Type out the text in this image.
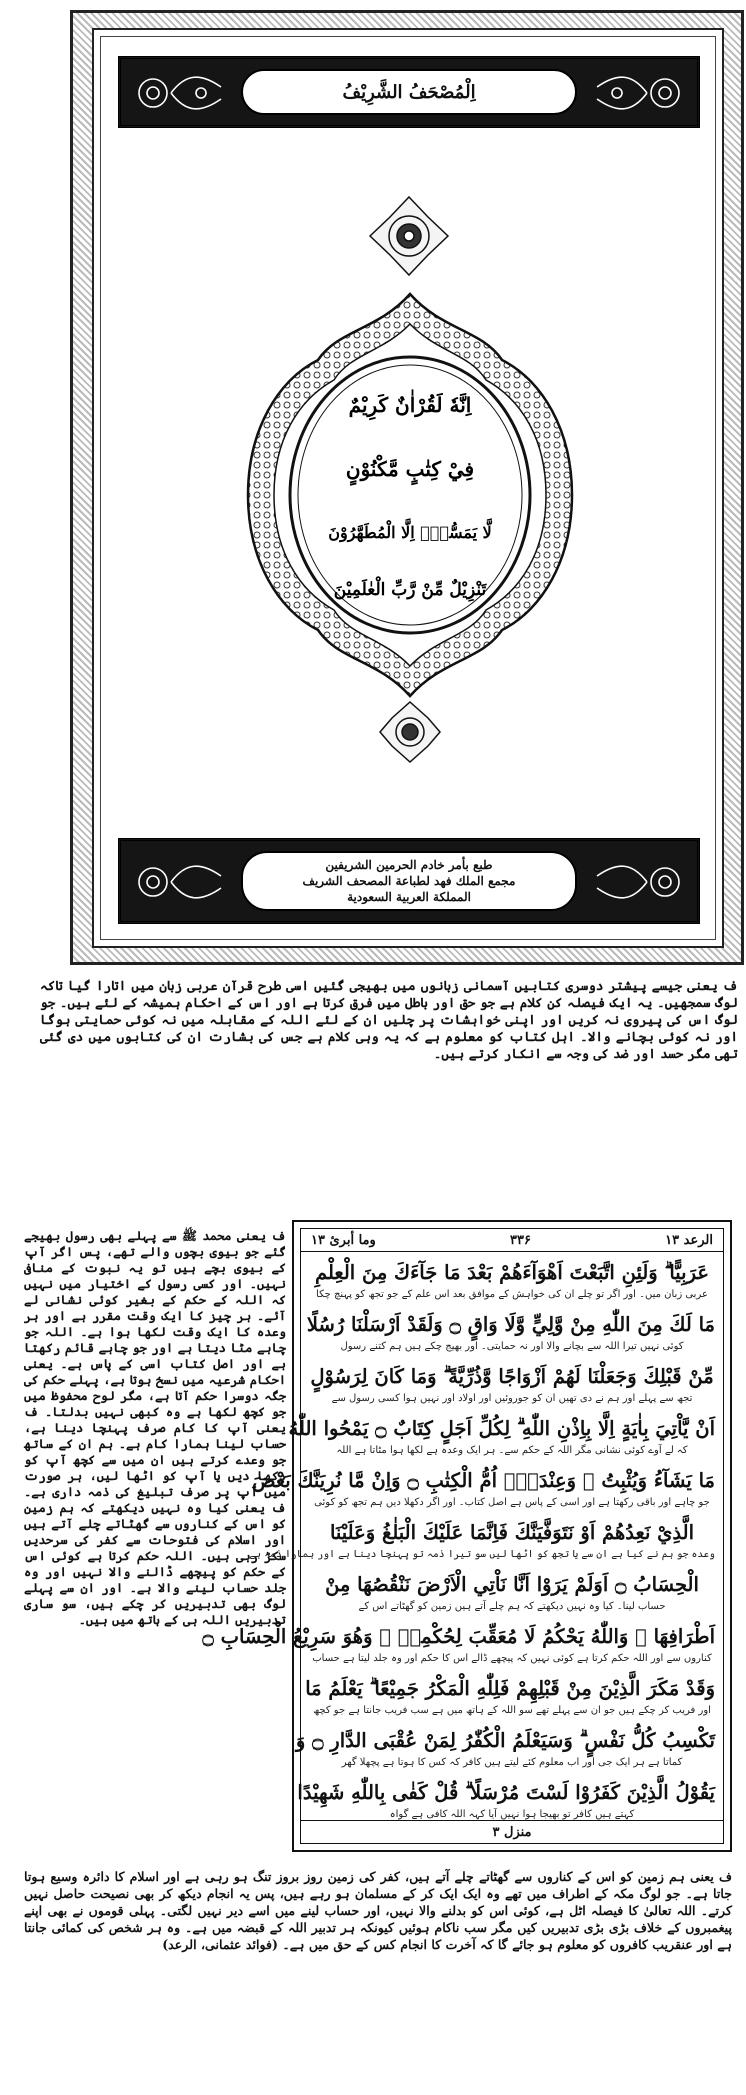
اِلْمُصْحَفُ الشَّرِيْفُ
اِنَّهٗ لَقُرْاٰنٌ كَرِيْمٌ
فِيْ كِتٰبٍ مَّكْنُوْنٍ
لَّا يَمَسُّهٗۤ اِلَّا الْمُطَهَّرُوْنَ
تَنْزِيْلٌ مِّنْ رَّبِّ الْعٰلَمِيْنَ
طبع بأمر خادم الحرمين الشريفين
مجمع الملك فهد لطباعة المصحف الشريف
المملكة العربية السعودية
ف یعنی جیسے پیشتر دوسری کتابیں آسمانی زبانوں میں بھیجی گئیں اسی طرح قرآن عربی زبان میں اتارا گیا تاکہ لوگ سمجھیں۔ یہ ایک فیصلہ کن کلام ہے جو حق اور باطل میں فرق کرتا ہے اور اس کے احکام ہمیشہ کے لئے ہیں۔ جو لوگ اس کی پیروی نہ کریں اور اپنی خواہشات پر چلیں ان کے لئے اللہ کے مقابلہ میں نہ کوئی حمایتی ہوگا اور نہ کوئی بچانے والا۔ اہل کتاب کو معلوم ہے کہ یہ وہی کلام ہے جس کی بشارت ان کی کتابوں میں دی گئی تھی مگر حسد اور ضد کی وجہ سے انکار کرتے ہیں۔
ف یعنی محمد ﷺ سے پہلے بھی رسول بھیجے گئے جو بیوی بچوں والے تھے، پس اگر آپ کے بیوی بچے ہیں تو یہ نبوت کے منافی نہیں۔ اور کسی رسول کے اختیار میں نہیں کہ اللہ کے حکم کے بغیر کوئی نشانی لے آئے۔ ہر چیز کا ایک وقت مقرر ہے اور ہر وعدہ کا ایک وقت لکھا ہوا ہے۔ اللہ جو چاہے مٹا دیتا ہے اور جو چاہے قائم رکھتا ہے اور اصل کتاب اسی کے پاس ہے۔ یعنی احکام شرعیہ میں نسخ ہوتا ہے، پہلے حکم کی جگہ دوسرا حکم آتا ہے، مگر لوح محفوظ میں جو کچھ لکھا ہے وہ کبھی نہیں بدلتا۔ ف یعنی آپ کا کام صرف پہنچا دینا ہے، حساب لینا ہمارا کام ہے۔ ہم ان کے ساتھ جو وعدے کرتے ہیں ان میں سے کچھ آپ کو دکھا دیں یا آپ کو اٹھا لیں، ہر صورت میں آپ پر صرف تبلیغ کی ذمہ داری ہے۔ ف یعنی کیا وہ نہیں دیکھتے کہ ہم زمین کو اس کے کناروں سے گھٹاتے چلے آتے ہیں اور اسلام کی فتوحات سے کفر کی سرحدیں سکڑ رہی ہیں۔ اللہ حکم کرتا ہے کوئی اس کے حکم کو پیچھے ڈالنے والا نہیں اور وہ جلد حساب لینے والا ہے۔ اور ان سے پہلے لوگ بھی تدبیریں کر چکے ہیں، سو ساری تدبیریں اللہ ہی کے ہاتھ میں ہیں۔
الرعد ۱۳
۳۳۶
وما أبرئ ۱۳
عَرَبِيًّا ۗ وَلَئِنِ اتَّبَعْتَ اَهْوَآءَهُمْ بَعْدَ مَا جَآءَكَ مِنَ الْعِلْمِ
عربی زبان میں۔ اور اگر تو چلے ان کی خواہش کے موافق بعد اس علم کے جو تجھ کو پہنچ چکا
مَا لَكَ مِنَ اللّٰهِ مِنْ وَّلِيٍّ وَّلَا وَاقٍ ۝ وَلَقَدْ اَرْسَلْنَا رُسُلًا
کوئی نہیں تیرا اللہ سے بچانے والا اور نہ حمایتی۔ اور بھیج چکے ہیں ہم کتنے رسول
مِّنْ قَبْلِكَ وَجَعَلْنَا لَهُمْ اَزْوَاجًا وَّذُرِّيَّةً ۗ وَمَا كَانَ لِرَسُوْلٍ
تجھ سے پہلے اور ہم نے دی تھیں ان کو جوروئیں اور اولاد اور نہیں ہوا کسی رسول سے
اَنْ يَّاْتِيَ بِاٰيَةٍ اِلَّا بِاِذْنِ اللّٰهِ ۗ لِكُلِّ اَجَلٍ كِتَابٌ ۝ يَمْحُوا اللّٰهُ
کہ لے آوے کوئی نشانی مگر اللہ کے حکم سے۔ ہر ایک وعدہ ہے لکھا ہوا مٹاتا ہے اللہ
مَا يَشَآءُ وَيُثْبِتُ ۚ وَعِنْدَهٗۤ اُمُّ الْكِتٰبِ ۝ وَاِنْ مَّا نُرِيَنَّكَ بَعْضَ
جو چاہے اور باقی رکھتا ہے اور اسی کے پاس ہے اصل کتاب۔ اور اگر دکھلا دیں ہم تجھ کو کوئی
الَّذِيْ نَعِدُهُمْ اَوْ نَتَوَفَّيَنَّكَ فَاِنَّمَا عَلَيْكَ الْبَلٰغُ وَعَلَيْنَا
وعدہ جو ہم نے کیا ہے ان سے یا تجھ کو اٹھا لیں سو تیرا ذمہ تو پہنچا دینا ہے اور ہمارا ذمہ ہے
الْحِسَابُ ۝ اَوَلَمْ يَرَوْا اَنَّا نَاْتِي الْاَرْضَ نَنْقُصُهَا مِنْ
حساب لینا۔ کیا وہ نہیں دیکھتے کہ ہم چلے آتے ہیں زمین کو گھٹاتے اس کے
اَطْرَافِهَا ۗ وَاللّٰهُ يَحْكُمُ لَا مُعَقِّبَ لِحُكْمِهٖ ۗ وَهُوَ سَرِيْعُ الْحِسَابِ ۝
کناروں سے اور اللہ حکم کرتا ہے کوئی نہیں کہ پیچھے ڈالے اس کا حکم اور وہ جلد لیتا ہے حساب
وَقَدْ مَكَرَ الَّذِيْنَ مِنْ قَبْلِهِمْ فَلِلّٰهِ الْمَكْرُ جَمِيْعًا ۗ يَعْلَمُ مَا
اور فریب کر چکے ہیں جو ان سے پہلے تھے سو اللہ کے ہاتھ میں ہے سب فریب جانتا ہے جو کچھ
تَكْسِبُ كُلُّ نَفْسٍ ۗ وَسَيَعْلَمُ الْكُفّٰرُ لِمَنْ عُقْبَى الدَّارِ ۝ وَ
کماتا ہے ہر ایک جی اور اب معلوم کئے لیتے ہیں کافر کہ کس کا ہوتا ہے پچھلا گھر
يَقُوْلُ الَّذِيْنَ كَفَرُوْا لَسْتَ مُرْسَلًا ۗ قُلْ كَفٰى بِاللّٰهِ شَهِيْدًا
کہتے ہیں کافر تو بھیجا ہوا نہیں آیا کہہ اللہ کافی ہے گواہ
منزل ۳
ف یعنی ہم زمین کو اس کے کناروں سے گھٹاتے چلے آتے ہیں، کفر کی زمین روز بروز تنگ ہو رہی ہے اور اسلام کا دائرہ وسیع ہوتا جاتا ہے۔ جو لوگ مکہ کے اطراف میں تھے وہ ایک ایک کر کے مسلمان ہو رہے ہیں، پس یہ انجام دیکھ کر بھی نصیحت حاصل نہیں کرتے۔ اللہ تعالیٰ کا فیصلہ اٹل ہے، کوئی اس کو بدلنے والا نہیں، اور حساب لینے میں اسے دیر نہیں لگتی۔ پہلی قوموں نے بھی اپنے پیغمبروں کے خلاف بڑی بڑی تدبیریں کیں مگر سب ناکام ہوئیں کیونکہ ہر تدبیر اللہ کے قبضہ میں ہے۔ وہ ہر شخص کی کمائی جانتا ہے اور عنقریب کافروں کو معلوم ہو جائے گا کہ آخرت کا انجام کس کے حق میں ہے۔ (فوائد عثمانی، الرعد)
